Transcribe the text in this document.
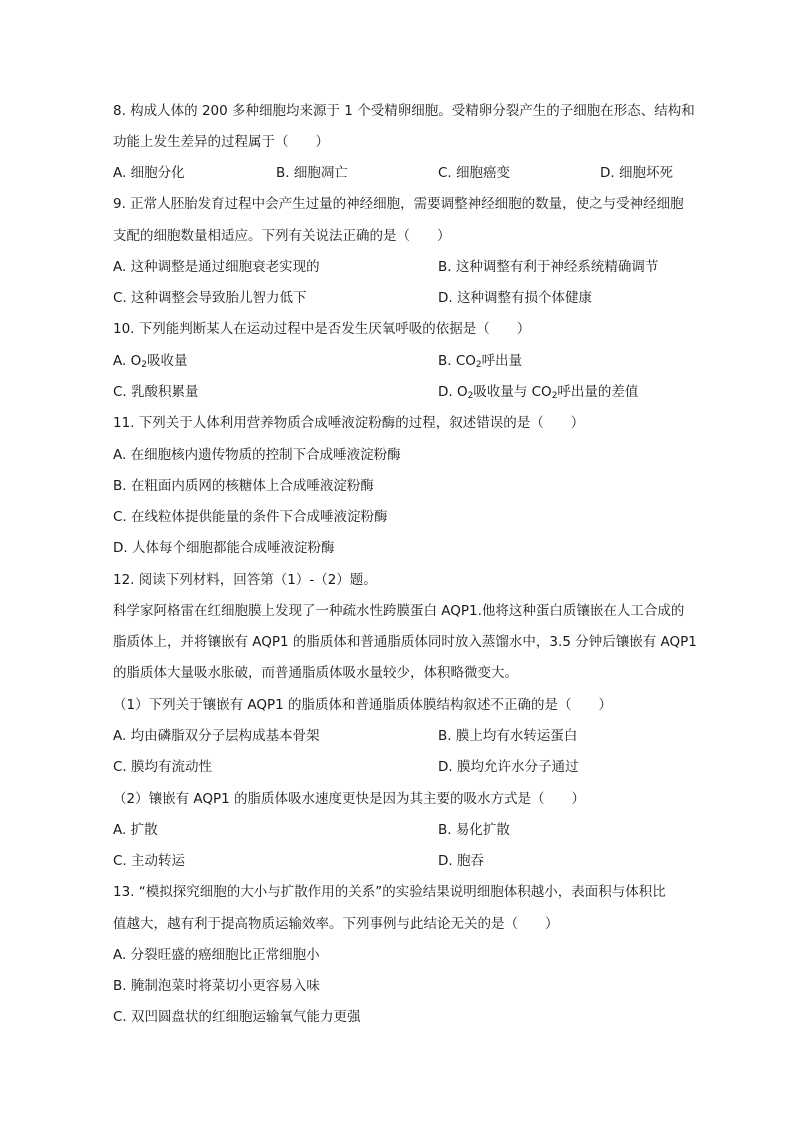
8. 构成人体的 200 多种细胞均来源于 1 个受精卵细胞。受精卵分裂产生的子细胞在形态、结构和
功能上发生差异的过程属于（　　）
A. 细胞分化	B. 细胞凋亡	C. 细胞癌变	D. 细胞坏死
9. 正常人胚胎发育过程中会产生过量的神经细胞，需要调整神经细胞的数量，使之与受神经细胞
支配的细胞数量相适应。下列有关说法正确的是（　　）
A. 这种调整是通过细胞衰老实现的	B. 这种调整有利于神经系统精确调节
C. 这种调整会导致胎儿智力低下	D. 这种调整有损个体健康
10. 下列能判断某人在运动过程中是否发生厌氧呼吸的依据是（　　）
A. $O_2$吸收量	B. $CO_2$呼出量
C. 乳酸积累量	D. $O_2$吸收量与 $CO_2$呼出量的差值
11. 下列关于人体利用营养物质合成唾液淀粉酶的过程，叙述错误的是（　　）
A. 在细胞核内遗传物质的控制下合成唾液淀粉酶
B. 在粗面内质网的核糖体上合成唾液淀粉酶
C. 在线粒体提供能量的条件下合成唾液淀粉酶
D. 人体每个细胞都能合成唾液淀粉酶
12. 阅读下列材料，回答第（1）-（2）题。
科学家阿格雷在红细胞膜上发现了一种疏水性跨膜蛋白 AQP1.他将这种蛋白质镶嵌在人工合成的
脂质体上，并将镶嵌有 AQP1 的脂质体和普通脂质体同时放入蒸馏水中，3.5 分钟后镶嵌有 AQP1
的脂质体大量吸水胀破，而普通脂质体吸水量较少，体积略微变大。
（1）下列关于镶嵌有 AQP1 的脂质体和普通脂质体膜结构叙述不正确的是（　　）
A. 均由磷脂双分子层构成基本骨架	B. 膜上均有水转运蛋白
C. 膜均有流动性	D. 膜均允许水分子通过
（2）镶嵌有 AQP1 的脂质体吸水速度更快是因为其主要的吸水方式是（　　）
A. 扩散	B. 易化扩散
C. 主动转运	D. 胞吞
13. “模拟探究细胞的大小与扩散作用的关系”的实验结果说明细胞体积越小，表面积与体积比
值越大，越有利于提高物质运输效率。下列事例与此结论无关的是（　　）
A. 分裂旺盛的癌细胞比正常细胞小
B. 腌制泡菜时将菜切小更容易入味
C. 双凹圆盘状的红细胞运输氧气能力更强
